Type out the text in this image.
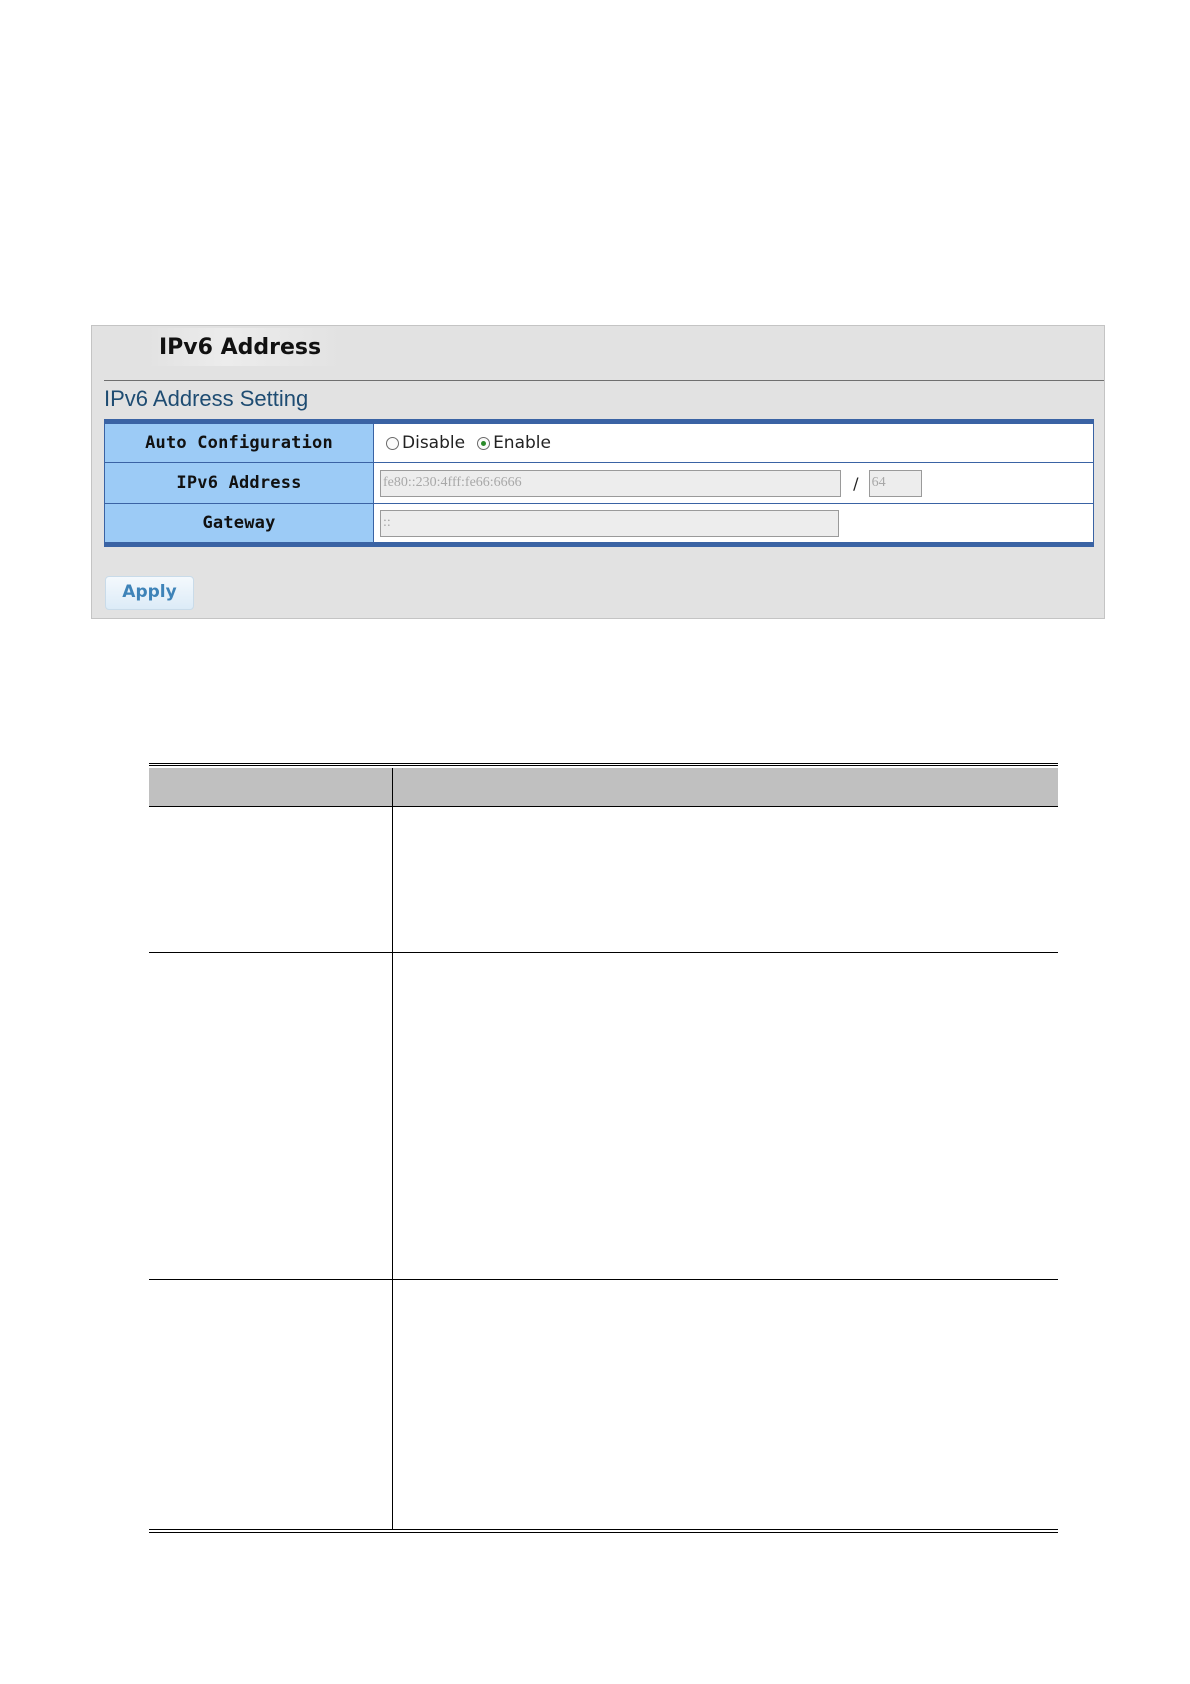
IPv6 Address
IPv6 Address Setting
Auto Configuration	Disable Enable

IPv6 Address	fe80::230:4fff:fe66:6666/ 64
Gateway	::
Apply
